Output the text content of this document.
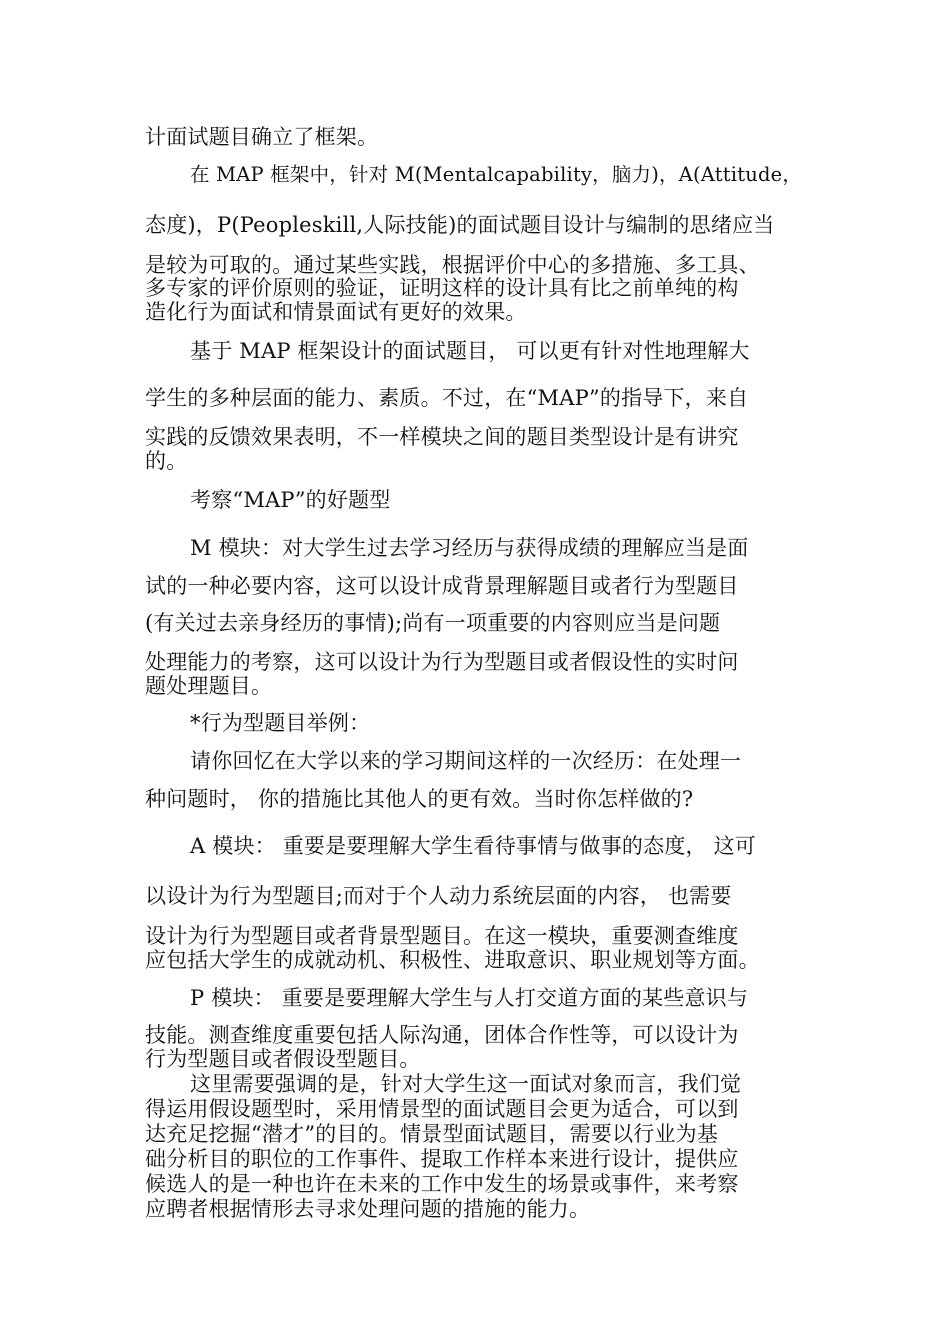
计面试题目确立了框架。
在 MAP 框架中，针对 M(Mentalcapability，脑力)，A(Attitude，
态度)，P(Peopleskill,人际技能)的面试题目设计与编制的思绪应当
是较为可取的。通过某些实践，根据评价中心的多措施、多工具、
多专家的评价原则的验证，证明这样的设计具有比之前单纯的构
造化行为面试和情景面试有更好的效果。
基于 MAP 框架设计的面试题目， 可以更有针对性地理解大
学生的多种层面的能力、素质。不过，在“MAP”的指导下，来自
实践的反馈效果表明，不一样模块之间的题目类型设计是有讲究
的。
考察“MAP”的好题型
M 模块：对大学生过去学习经历与获得成绩的理解应当是面
试的一种必要内容，这可以设计成背景理解题目或者行为型题目
(有关过去亲身经历的事情);尚有一项重要的内容则应当是问题
处理能力的考察，这可以设计为行为型题目或者假设性的实时问
题处理题目。
*行为型题目举例：
请你回忆在大学以来的学习期间这样的一次经历：在处理一
种问题时， 你的措施比其他人的更有效。当时你怎样做的?
A 模块： 重要是要理解大学生看待事情与做事的态度， 这可
以设计为行为型题目;而对于个人动力系统层面的内容， 也需要
设计为行为型题目或者背景型题目。在这一模块，重要测查维度
应包括大学生的成就动机、积极性、进取意识、职业规划等方面。
P 模块： 重要是要理解大学生与人打交道方面的某些意识与
技能。测查维度重要包括人际沟通，团体合作性等，可以设计为
行为型题目或者假设型题目。
这里需要强调的是，针对大学生这一面试对象而言，我们觉
得运用假设题型时，采用情景型的面试题目会更为适合，可以到
达充足挖掘“潜才”的目的。情景型面试题目，需要以行业为基
础分析目的职位的工作事件、提取工作样本来进行设计，提供应
候选人的是一种也许在未来的工作中发生的场景或事件，来考察
应聘者根据情形去寻求处理问题的措施的能力。
